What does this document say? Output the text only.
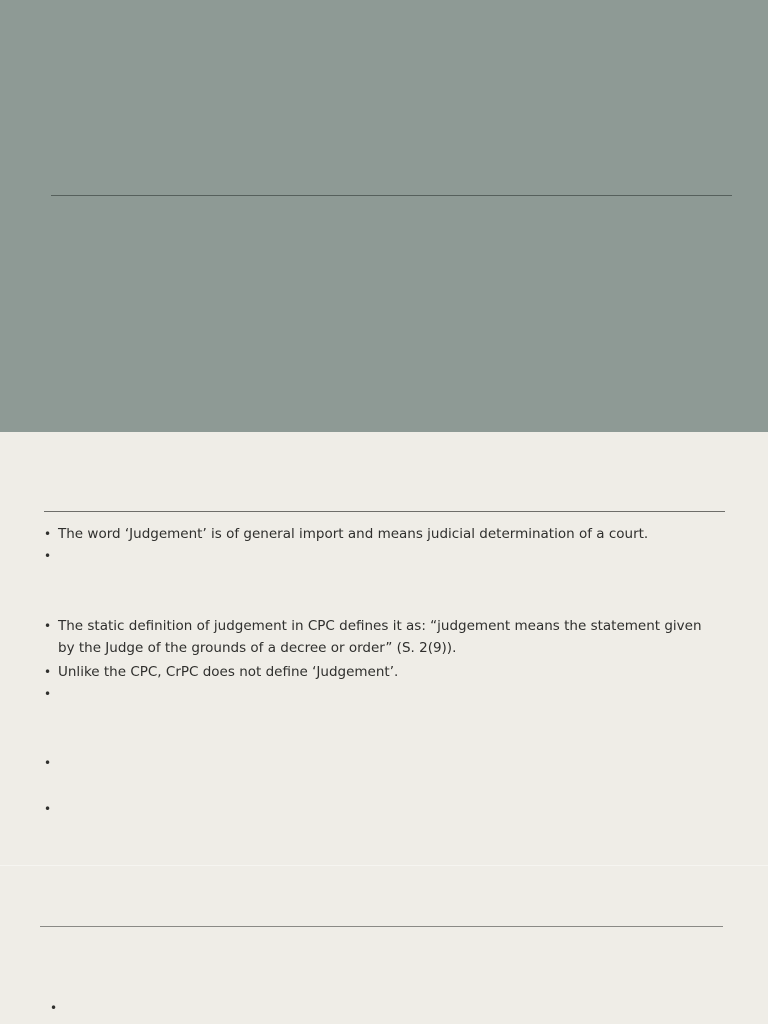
• The word ‘Judgement’ is of general import and means judicial determination of a court.
•
• The static definition of judgement in CPC defines it as: “judgement means the statement given by the Judge of the grounds of a decree or order” (S. 2(9)).
• Unlike the CPC, CrPC does not define ‘Judgement’.
•
•
•
•
